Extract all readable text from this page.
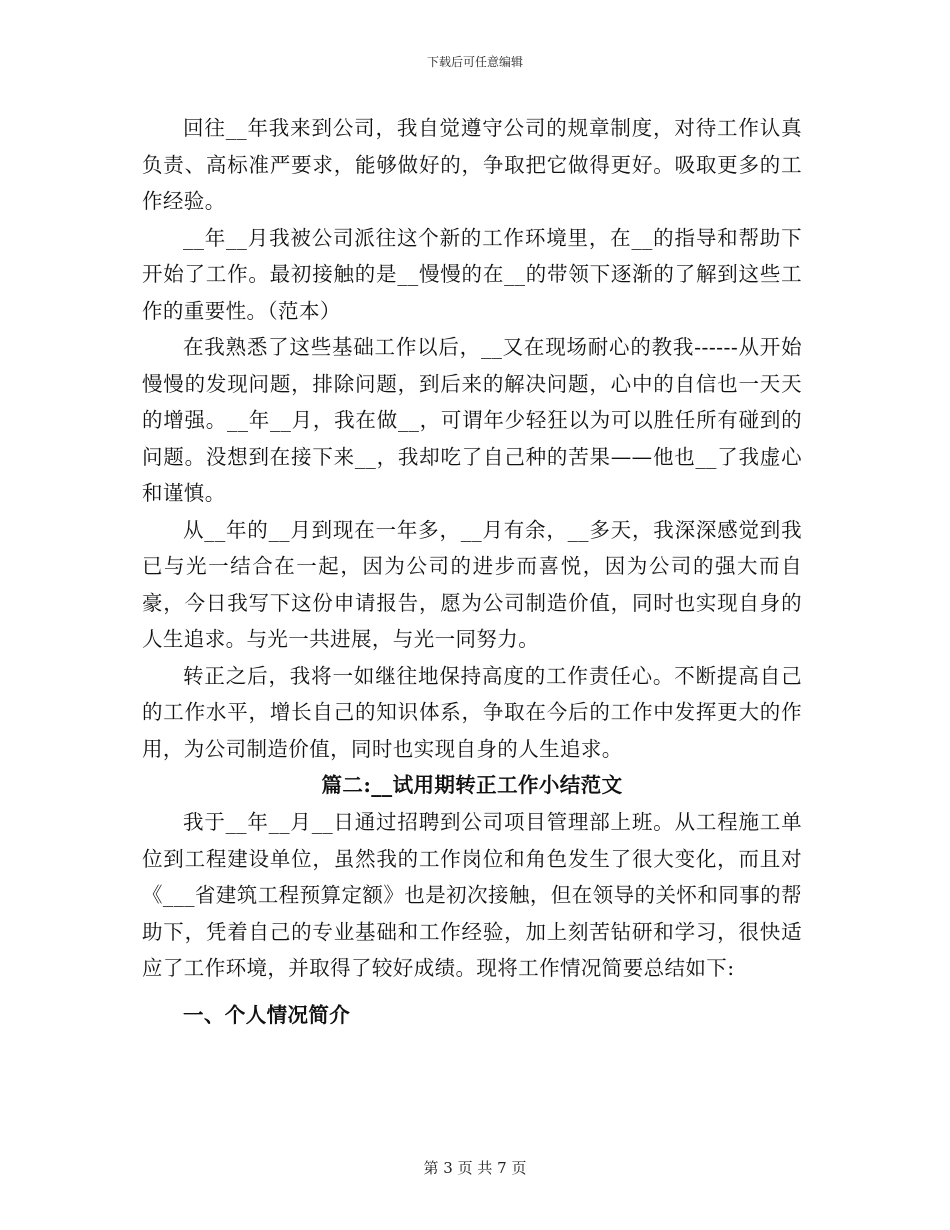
下载后可任意编辑

回往__年我来到公司，我自觉遵守公司的规章制度，对待工作认真负责、高标准严要求，能够做好的，争取把它做得更好。吸取更多的工作经验。

__年__月我被公司派往这个新的工作环境里，在__的指导和帮助下开始了工作。最初接触的是__慢慢的在__的带领下逐渐的了解到这些工作的重要性。（范本）

在我熟悉了这些基础工作以后，__又在现场耐心的教我------从开始慢慢的发现问题，排除问题，到后来的解决问题，心中的自信也一天天的增强。__年__月，我在做__，可谓年少轻狂以为可以胜任所有碰到的问题。没想到在接下来__，我却吃了自己种的苦果——他也__了我虚心和谨慎。

从__年的__月到现在一年多，__月有余，__多天，我深深感觉到我已与光一结合在一起，因为公司的进步而喜悦，因为公司的强大而自豪，今日我写下这份申请报告，愿为公司制造价值，同时也实现自身的人生追求。与光一共进展，与光一同努力。

转正之后，我将一如继往地保持高度的工作责任心。不断提高自己的工作水平，增长自己的知识体系，争取在今后的工作中发挥更大的作用，为公司制造价值，同时也实现自身的人生追求。

篇二:__试用期转正工作小结范文

我于__年__月__日通过招聘到公司项目管理部上班。从工程施工单位到工程建设单位，虽然我的工作岗位和角色发生了很大变化，而且对《___省建筑工程预算定额》也是初次接触，但在领导的关怀和同事的帮助下，凭着自己的专业基础和工作经验，加上刻苦钻研和学习，很快适应了工作环境，并取得了较好成绩。现将工作情况简要总结如下:

一、个人情况简介
第 3 页 共 7 页
